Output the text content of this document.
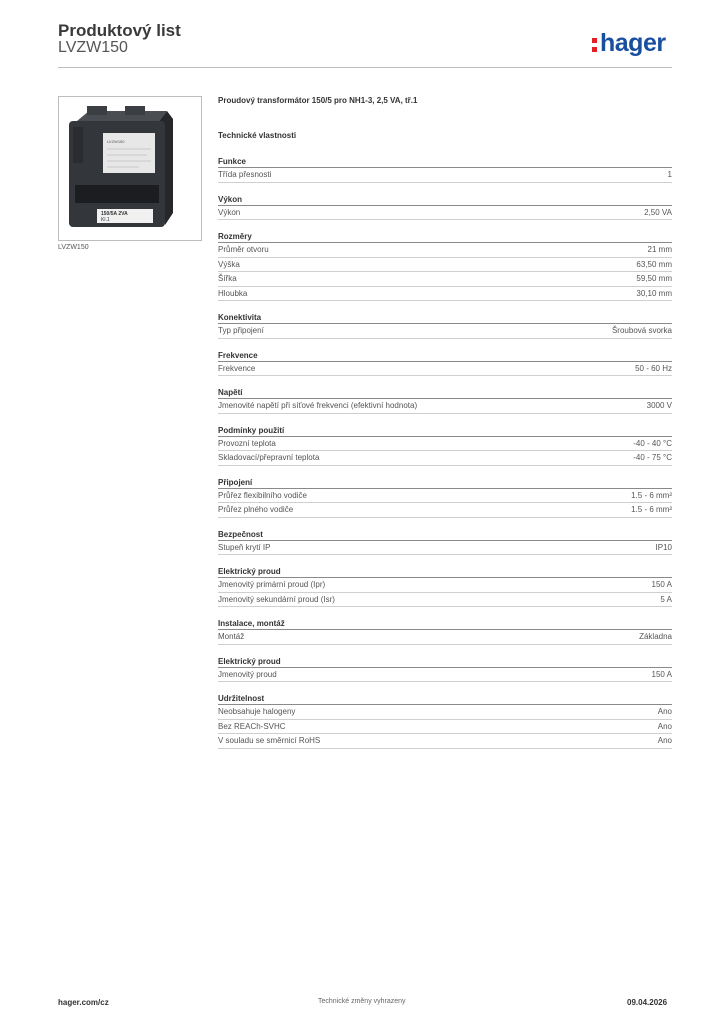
Produktový list
LVZW150	hager
LVZW150
150/5A 2VA
Kl.1
LVZW150
Proudový transformátor 150/5 pro NH1-3, 2,5 VA, tř.1
Technické vlastnosti
Funkce
Třída přesnosti	1
Výkon
Výkon	2,50 VA
Rozměry
Průměr otvoru	21 mm
Výška	63,50 mm
Šířka	59,50 mm
Hloubka	30,10 mm
Konektivita
Typ připojení	Šroubová svorka
Frekvence
Frekvence	50 - 60 Hz
Napětí
Jmenovité napětí při síťové frekvenci (efektivní hodnota)	3000 V
Podmínky použití
Provozní teplota	-40 - 40 °C
Skladovací/přepravní teplota	-40 - 75 °C
Připojení
Průřez flexibilního vodiče	1.5 - 6 mm²
Průřez plného vodiče	1.5 - 6 mm²
Bezpečnost
Stupeň krytí IP	IP10
Elektrický proud
Jmenovitý primární proud (Ipr)	150 A
Jmenovitý sekundární proud (Isr)	5 A
Instalace, montáž
Montáž	Základna
Elektrický proud
Jmenovitý proud	150 A
Udržitelnost
Neobsahuje halogeny	Ano
Bez REACh-SVHC	Ano
V souladu se směrnicí RoHS	Ano
hager.com/cz	Technické změny vyhrazeny	09.04.2026
